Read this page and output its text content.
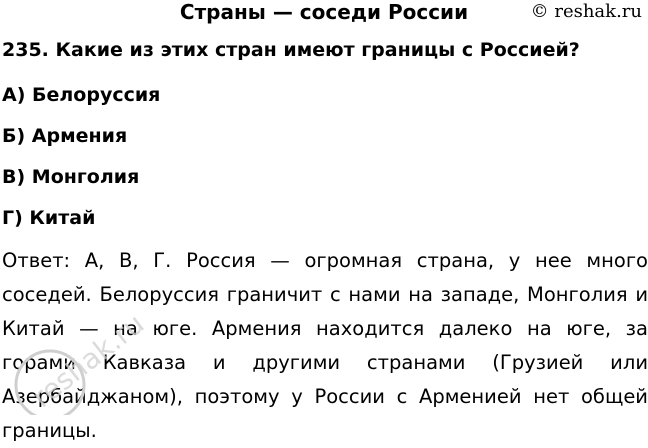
Страны — соседи России	© reshak.ru
235. Какие из этих стран имеют границы с Россией?
А) Белоруссия
Б) Армения
В) Монголия
Г) Китай
Ответ: А, В, Г. Россия — огромная страна, у нее много соседей. Белоруссия граничит с нами на западе, Монголия и Китай — на юге. Армения находится далеко на юге, за горами Кавказа и другими странами (Грузией или Азербайджаном), поэтому у России с Арменией нет общей границы.
reshak.ru
